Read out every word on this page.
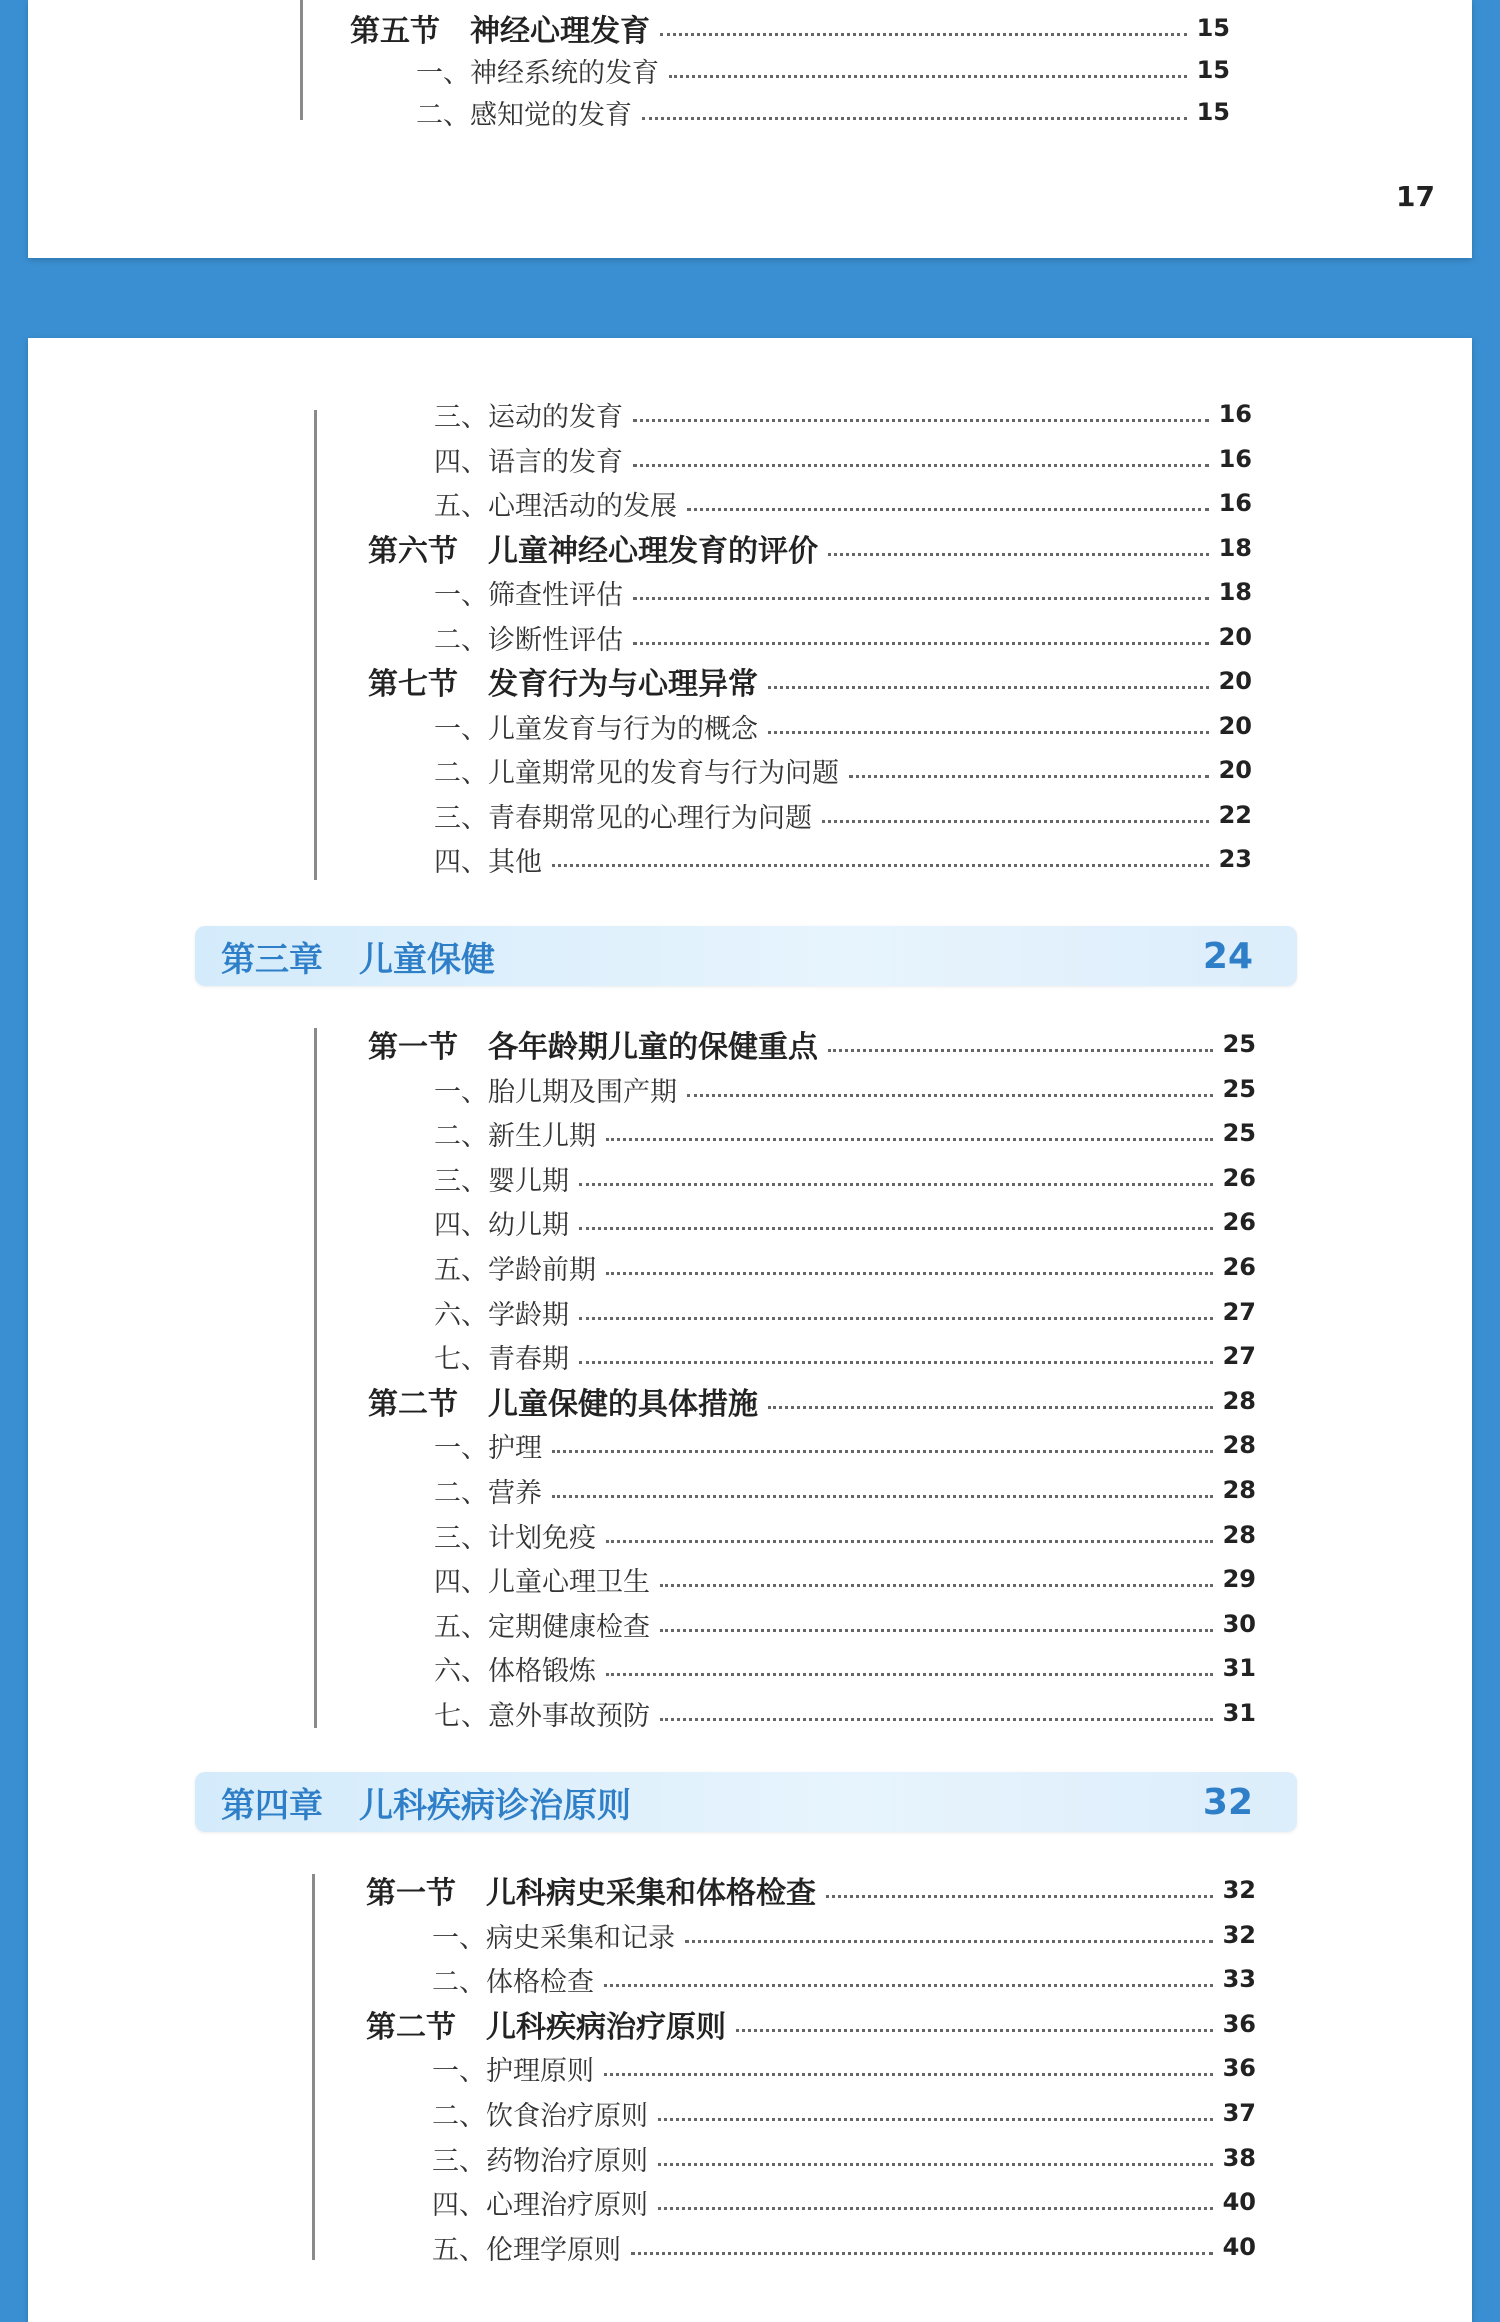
第五节 神经心理发育	15
一、神经系统的发育	15
二、感知觉的发育	15
17
三、运动的发育	16
四、语言的发育	16
五、心理活动的发展	16
第六节 儿童神经心理发育的评价	18
一、筛查性评估	18
二、诊断性评估	20
第七节 发育行为与心理异常	20
一、儿童发育与行为的概念	20
二、儿童期常见的发育与行为问题	20
三、青春期常见的心理行为问题	22
四、其他	23
第三章 儿童保健	24
第一节 各年龄期儿童的保健重点	25
一、胎儿期及围产期	25
二、新生儿期	25
三、婴儿期	26
四、幼儿期	26
五、学龄前期	26
六、学龄期	27
七、青春期	27
第二节 儿童保健的具体措施	28
一、护理	28
二、营养	28
三、计划免疫	28
四、儿童心理卫生	29
五、定期健康检查	30
六、体格锻炼	31
七、意外事故预防	31
第四章 儿科疾病诊治原则	32
第一节 儿科病史采集和体格检查	32
一、病史采集和记录	32
二、体格检查	33
第二节 儿科疾病治疗原则	36
一、护理原则	36
二、饮食治疗原则	37
三、药物治疗原则	38
四、心理治疗原则	40
五、伦理学原则	40
